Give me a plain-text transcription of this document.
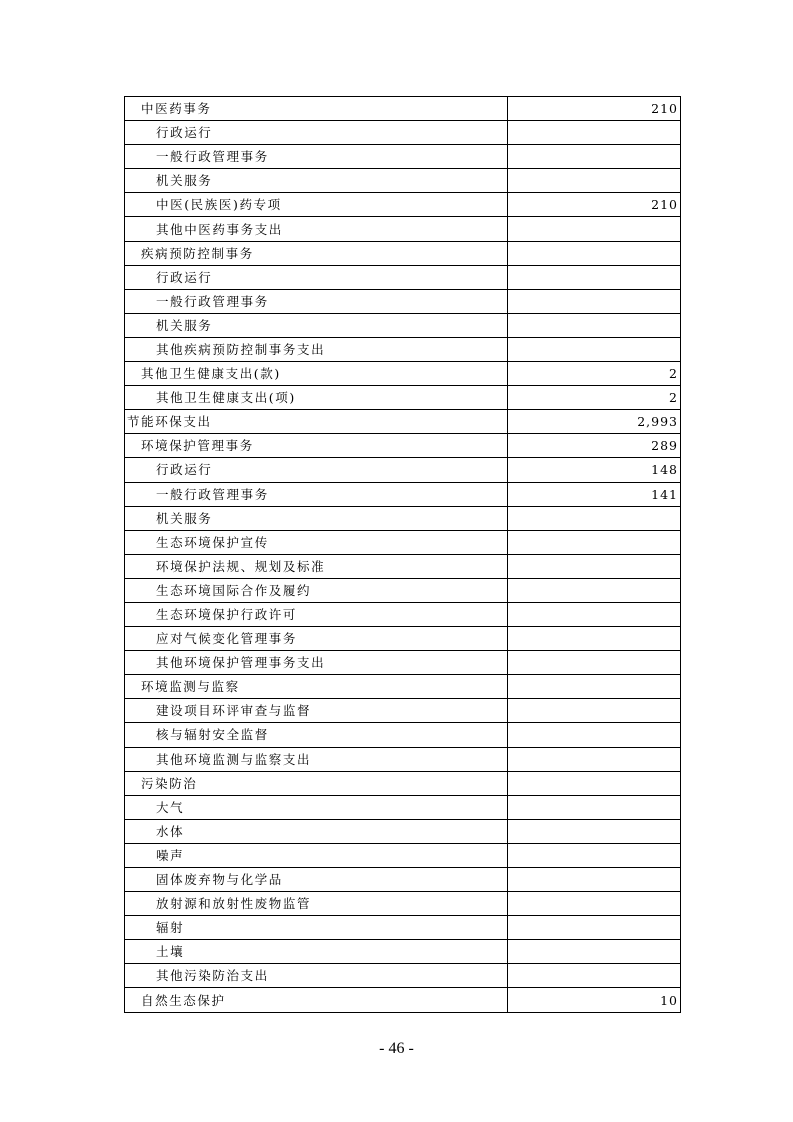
中医药事务	210
行政运行	
一般行政管理事务	
机关服务	
中医(民族医)药专项	210
其他中医药事务支出	
疾病预防控制事务	
行政运行	
一般行政管理事务	
机关服务	
其他疾病预防控制事务支出	
其他卫生健康支出(款)	2
其他卫生健康支出(项)	2
节能环保支出	2,993
环境保护管理事务	289
行政运行	148
一般行政管理事务	141
机关服务	
生态环境保护宣传	
环境保护法规、规划及标准	
生态环境国际合作及履约	
生态环境保护行政许可	
应对气候变化管理事务	
其他环境保护管理事务支出	
环境监测与监察	
建设项目环评审查与监督	
核与辐射安全监督	
其他环境监测与监察支出	
污染防治	
大气	
水体	
噪声	
固体废弃物与化学品	
放射源和放射性废物监管	
辐射	
土壤	
其他污染防治支出	
自然生态保护	10
- 46 -
